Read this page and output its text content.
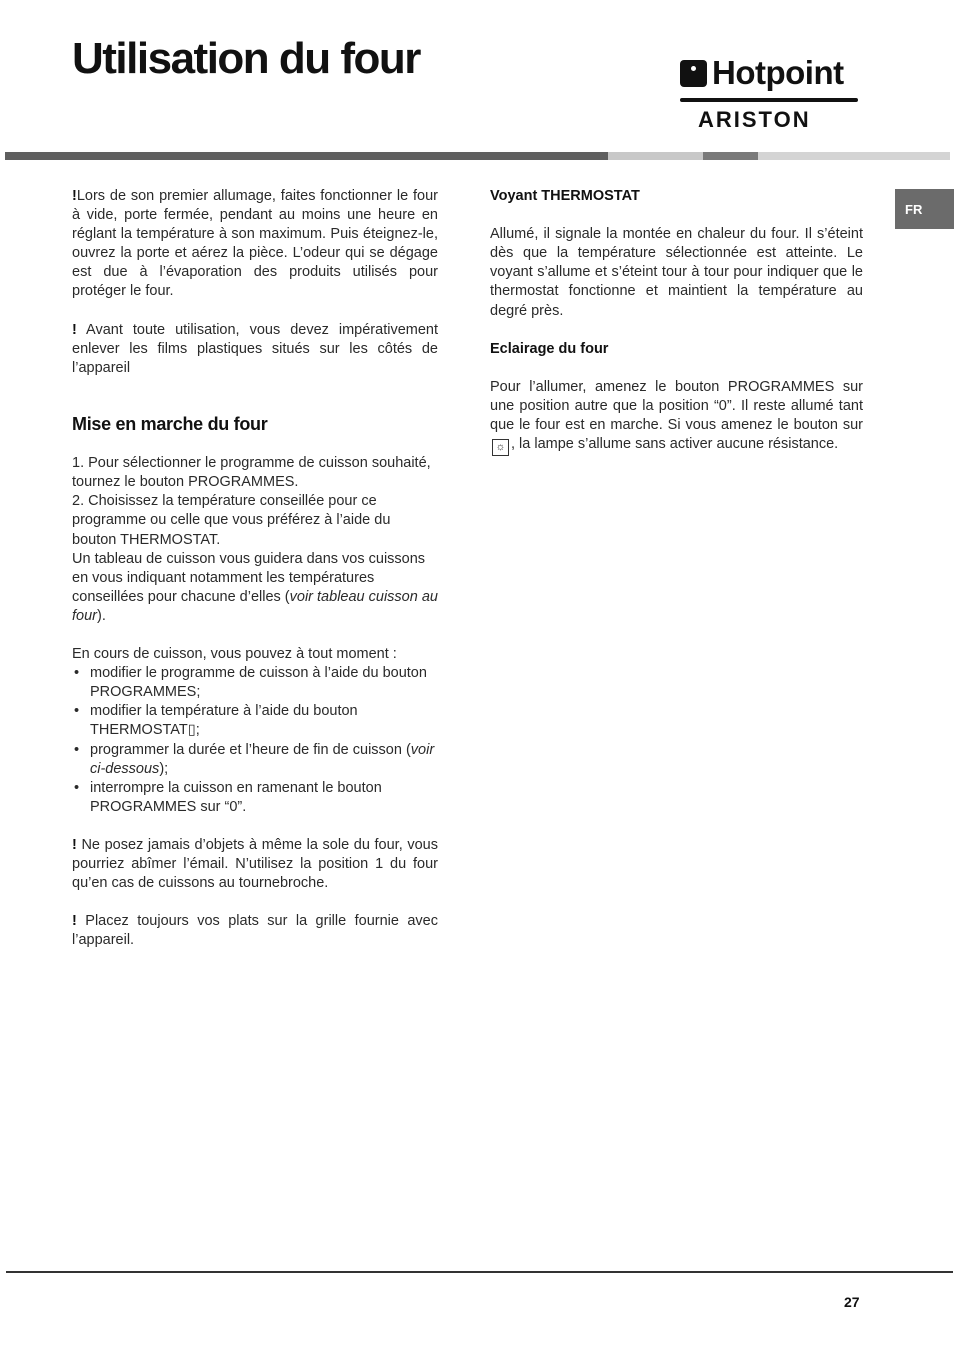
Utilisation du four	Hotpoint
ARISTON
FR

!Lors de son premier allumage, faites fonctionner le four à vide, porte fermée, pendant au moins une heure en réglant la température à son maximum. Puis éteignez-le, ouvrez la porte et aérez la pièce. L’odeur qui se dégage est due à l’évaporation des produits utilisés pour protéger le four.

! Avant toute utilisation, vous devez impérativement enlever les films plastiques situés sur les côtés de l’appareil

Mise en marche du four
1. Pour sélectionner le programme de cuisson souhaité, tournez le bouton PROGRAMMES.
2. Choisissez la température conseillée pour ce programme ou celle que vous préférez à l’aide du bouton THERMOSTAT.

Un tableau de cuisson vous guidera dans vos cuissons en vous indiquant notamment les températures conseillées pour chacune d’elles (voir tableau cuisson au four).

En cours de cuisson, vous pouvez à tout moment :
• modifier le programme de cuisson à l’aide du bouton PROGRAMMES;
• modifier la température à l’aide du bouton THERMOSTAT▯;
• programmer la durée et l’heure de fin de cuisson (voir ci-dessous);
• interrompre la cuisson en ramenant le bouton PROGRAMMES sur “0”.

! Ne posez jamais d’objets à même la sole du four, vous pourriez abîmer l’émail. N’utilisez la position 1 du four qu’en cas de cuissons au tournebroche.

! Placez toujours vos plats sur la grille fournie avec l’appareil.

Voyant THERMOSTAT

Allumé, il signale la montée en chaleur du four. Il s’éteint dès que la température sélectionnée est atteinte. Le voyant s’allume et s’éteint tour à tour pour indiquer que le thermostat fonctionne et maintient la température au degré près.

Eclairage du four

Pour l’allumer, amenez le bouton PROGRAMMES sur une position autre que la position “0”. Il reste allumé tant que le four est en marche. Si vous amenez le bouton sur ☼ , la lampe s’allume sans activer aucune résistance.

27
